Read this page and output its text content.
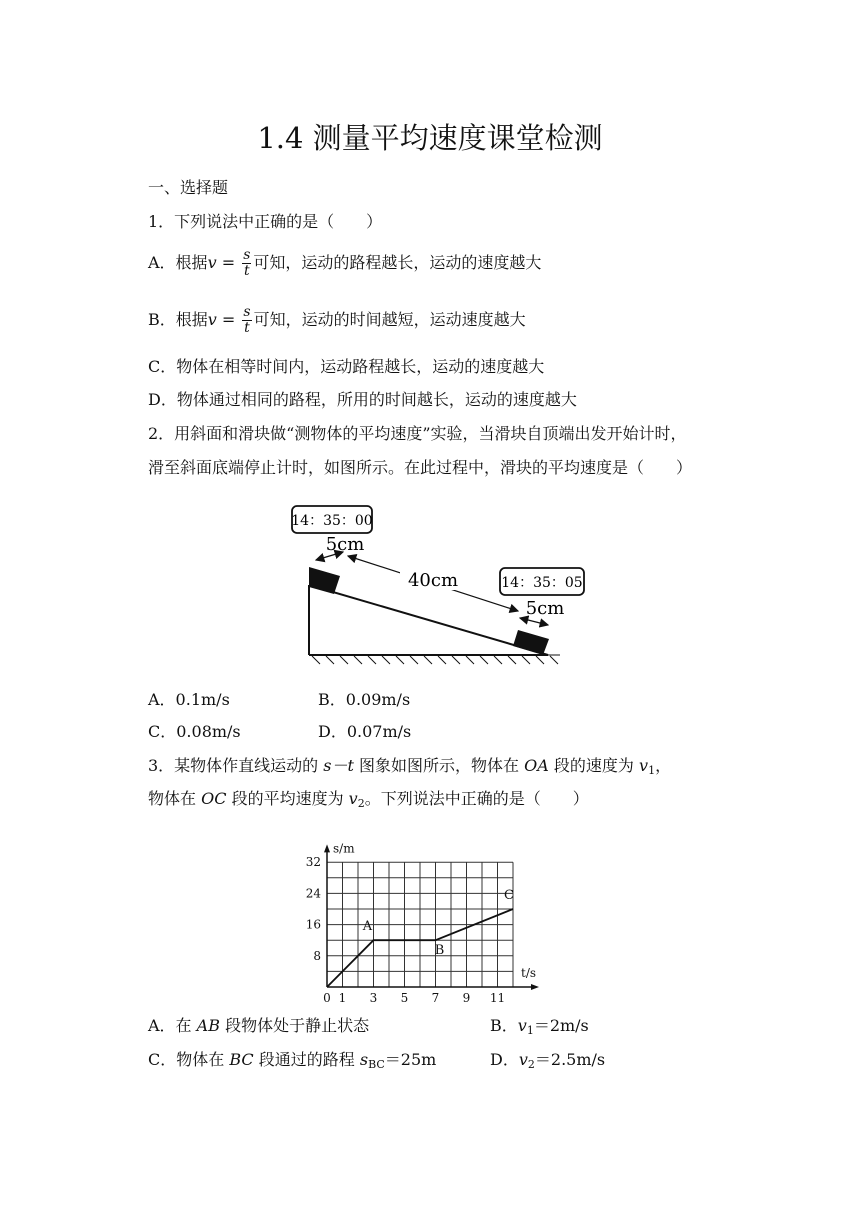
1.4 测量平均速度课堂检测
一、选择题
1．下列说法中正确的是（　　）
A．根据$v = \frac{s}{t}$ 可知，运动的路程越长，运动的速度越大
B．根据$v = \frac{s}{t}$ 可知，运动的时间越短，运动速度越大
C．物体在相等时间内，运动路程越长，运动的速度越大
D．物体通过相同的路程，所用的时间越长，运动的速度越大
2．用斜面和滑块做“测物体的平均速度”实验，当滑块自顶端出发开始计时，
滑至斜面底端停止计时，如图所示。在此过程中，滑块的平均速度是（　　）
14：35：00
14：35：05
5cm
40cm
5cm
A．0.1m/s	B．0.09m/s
C．0.08m/s	D．0.07m/s
3．某物体作直线运动的 s－t 图象如图所示，物体在 OA 段的速度为 $v_1$，
物体在 OC 段的平均速度为 $v_2$。下列说法中正确的是（　　）
s/m
t/s
8
16
24
32
0 1 3 5 7 9 11
A
B
C
A．在 AB 段物体处于静止状态	B．$v_1=2m/s$
C．物体在 BC 段通过的路程 $s_{BC}=25m$	D．$v_2=2.5m/s$
